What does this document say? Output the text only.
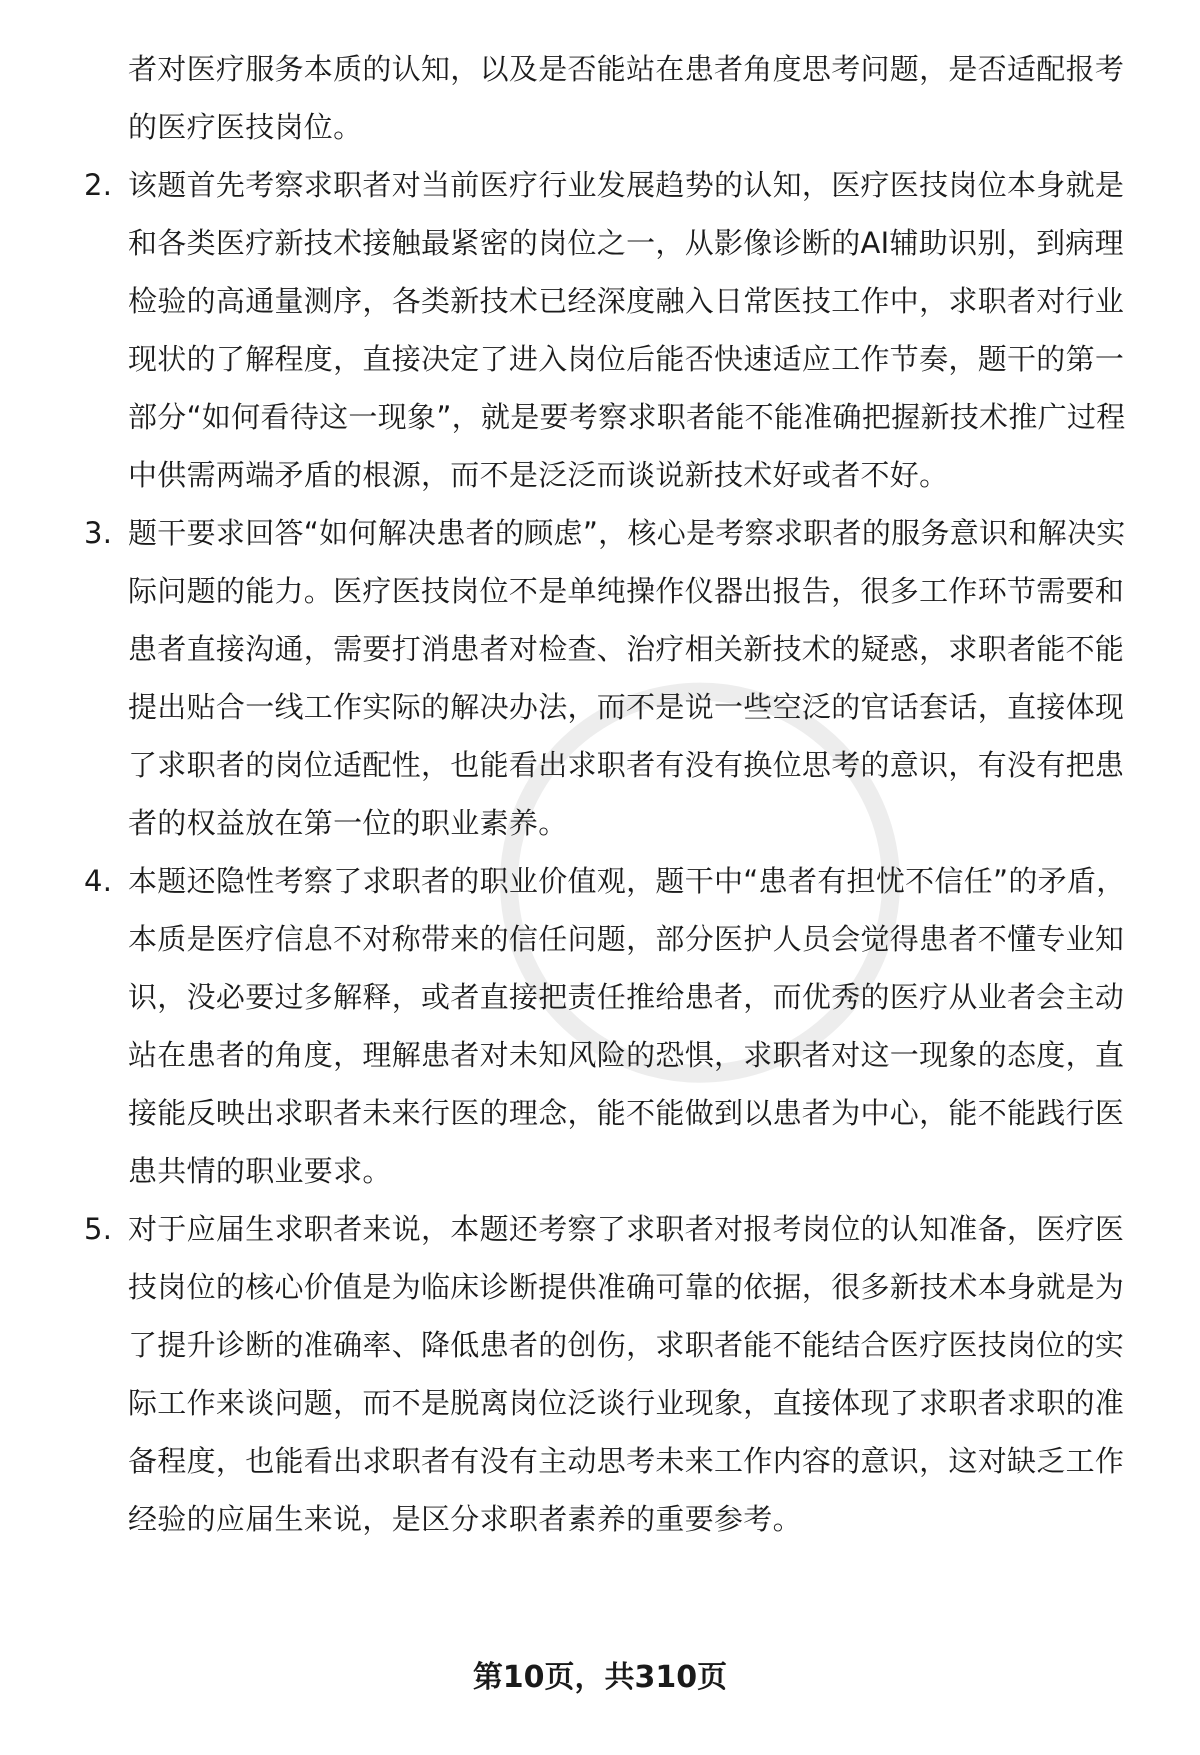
者对医疗服务本质的认知，以及是否能站在患者角度思考问题，是否适配报考的医疗医技岗位。

2. 该题首先考察求职者对当前医疗行业发展趋势的认知，医疗医技岗位本身就是和各类医疗新技术接触最紧密的岗位之一，从影像诊断的AI辅助识别，到病理检验的高通量测序，各类新技术已经深度融入日常医技工作中，求职者对行业现状的了解程度，直接决定了进入岗位后能否快速适应工作节奏，题干的第一部分“如何看待这一现象”，就是要考察求职者能不能准确把握新技术推广过程中供需两端矛盾的根源，而不是泛泛而谈说新技术好或者不好。
3. 题干要求回答“如何解决患者的顾虑”，核心是考察求职者的服务意识和解决实际问题的能力。医疗医技岗位不是单纯操作仪器出报告，很多工作环节需要和患者直接沟通，需要打消患者对检查、治疗相关新技术的疑惑，求职者能不能提出贴合一线工作实际的解决办法，而不是说一些空泛的官话套话，直接体现了求职者的岗位适配性，也能看出求职者有没有换位思考的意识，有没有把患者的权益放在第一位的职业素养。
4. 本题还隐性考察了求职者的职业价值观，题干中“患者有担忧不信任”的矛盾，本质是医疗信息不对称带来的信任问题，部分医护人员会觉得患者不懂专业知识，没必要过多解释，或者直接把责任推给患者，而优秀的医疗从业者会主动站在患者的角度，理解患者对未知风险的恐惧，求职者对这一现象的态度，直接能反映出求职者未来行医的理念，能不能做到以患者为中心，能不能践行医患共情的职业要求。
5. 对于应届生求职者来说，本题还考察了求职者对报考岗位的认知准备，医疗医技岗位的核心价值是为临床诊断提供准确可靠的依据，很多新技术本身就是为了提升诊断的准确率、降低患者的创伤，求职者能不能结合医疗医技岗位的实际工作来谈问题，而不是脱离岗位泛谈行业现象，直接体现了求职者求职的准备程度，也能看出求职者有没有主动思考未来工作内容的意识，这对缺乏工作经验的应届生来说，是区分求职者素养的重要参考。
第10页，共310页
